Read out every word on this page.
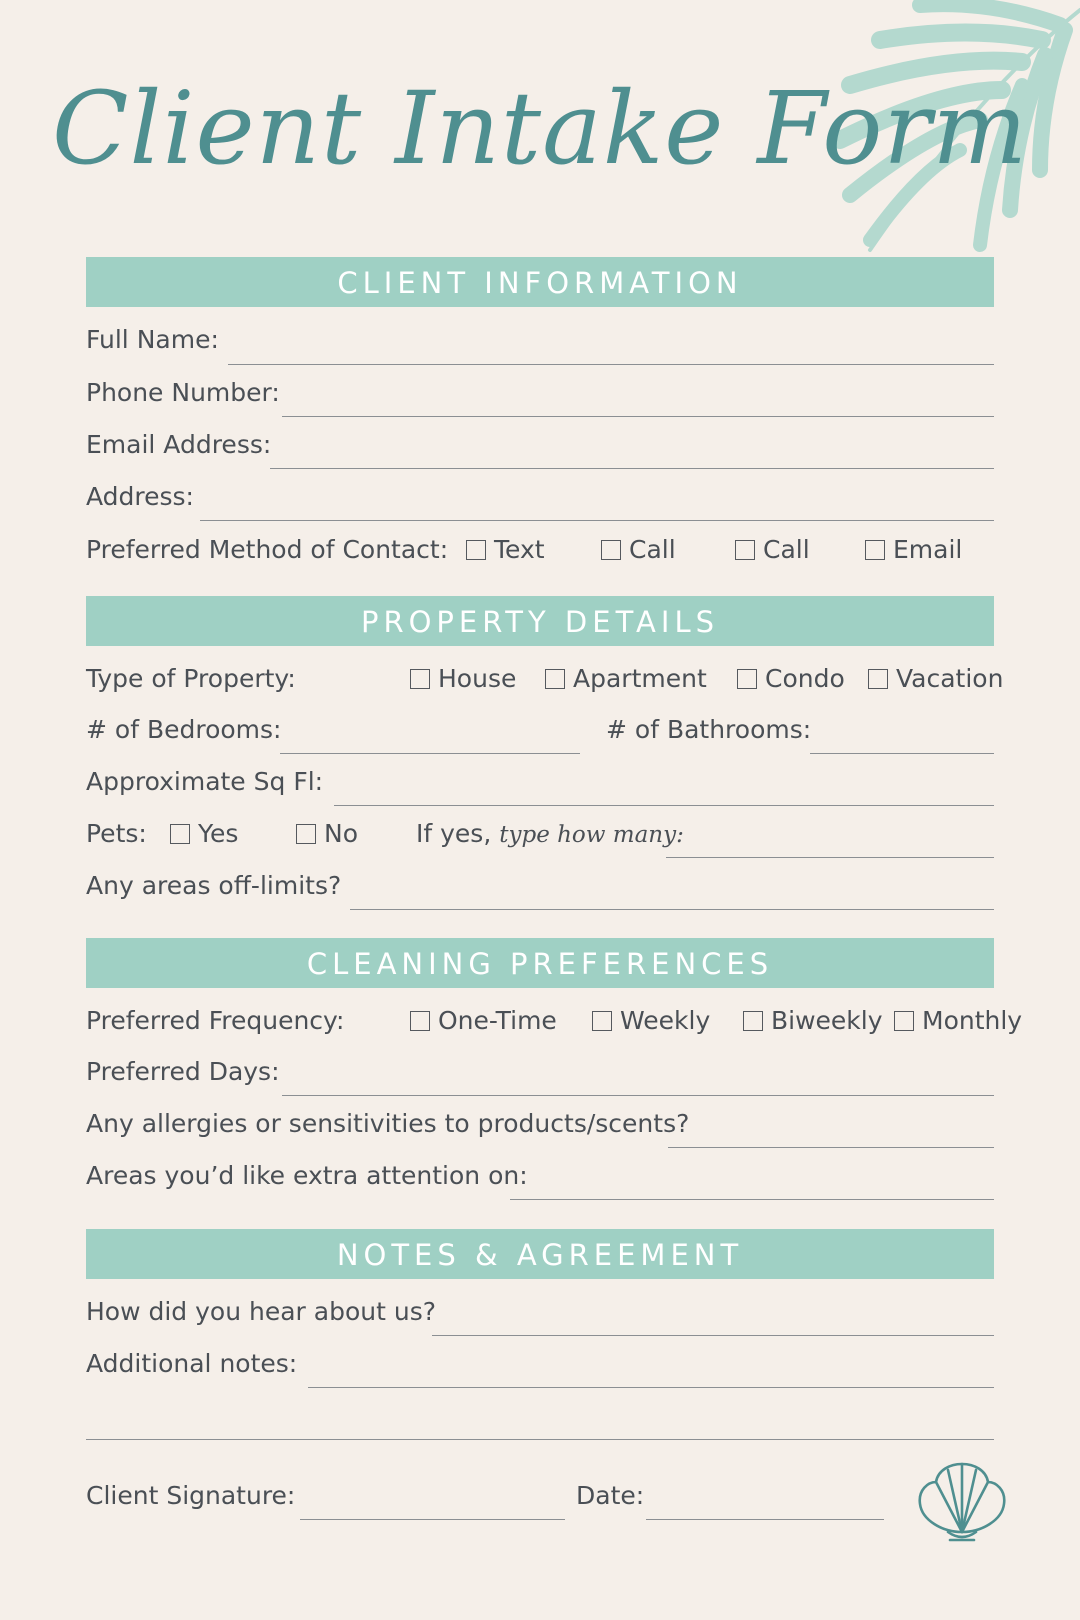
Client Intake Form
CLIENT INFORMATION
Full Name:
Phone Number:
Email Address:
Address:
Preferred Method of Contact:	Text	Call	Call	Email
PROPERTY DETAILS
Type of Property:	House	Apartment	Condo	Vacation
# of Bedrooms:	# of Bathrooms:
Approximate Sq Fl:
Pets:	Yes	No If yes, type how many:
Any areas off-limits?
CLEANING PREFERENCES
Preferred Frequency:	One-Time	Weekly	Biweekly	Monthly
Preferred Days:
Any allergies or sensitivities to products/scents?
Areas you’d like extra attention on:
NOTES & AGREEMENT
How did you hear about us?
Additional notes:
Client Signature:	Date:
